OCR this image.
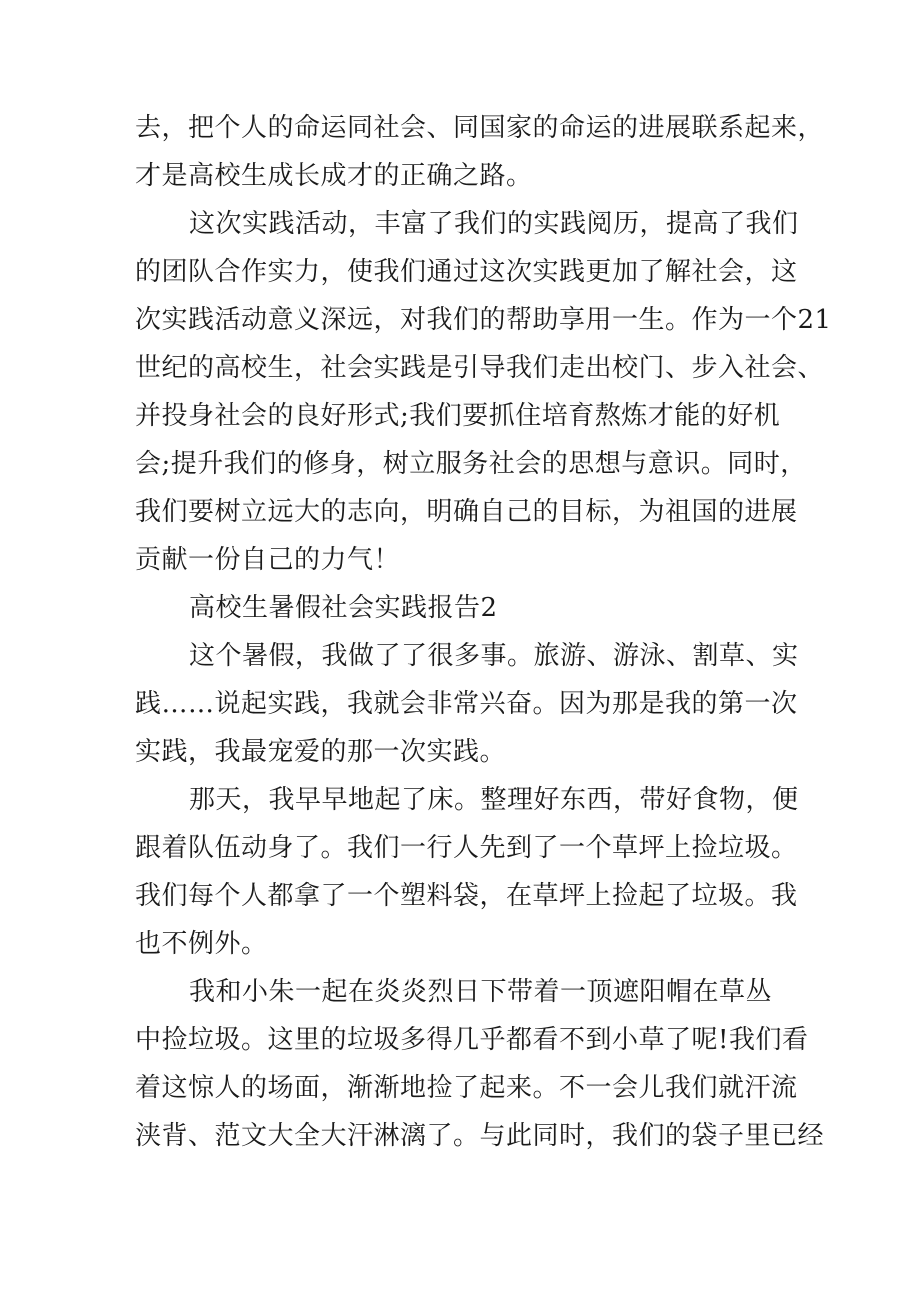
去，把个人的命运同社会、同国家的命运的进展联系起来，
才是高校生成长成才的正确之路。
这次实践活动，丰富了我们的实践阅历，提高了我们
的团队合作实力，使我们通过这次实践更加了解社会，这
次实践活动意义深远，对我们的帮助享用一生。作为一个21
世纪的高校生，社会实践是引导我们走出校门、步入社会、
并投身社会的良好形式;我们要抓住培育熬炼才能的好机
会;提升我们的修身，树立服务社会的思想与意识。同时，
我们要树立远大的志向，明确自己的目标，为祖国的进展
贡献一份自己的力气！
高校生暑假社会实践报告2
这个暑假，我做了了很多事。旅游、游泳、割草、实
践……说起实践，我就会非常兴奋。因为那是我的第一次
实践，我最宠爱的那一次实践。
那天，我早早地起了床。整理好东西，带好食物，便
跟着队伍动身了。我们一行人先到了一个草坪上捡垃圾。
我们每个人都拿了一个塑料袋，在草坪上捡起了垃圾。我
也不例外。
我和小朱一起在炎炎烈日下带着一顶遮阳帽在草丛
中捡垃圾。这里的垃圾多得几乎都看不到小草了呢!我们看
着这惊人的场面，渐渐地捡了起来。不一会儿我们就汗流
浃背、范文大全大汗淋漓了。与此同时，我们的袋子里已经
